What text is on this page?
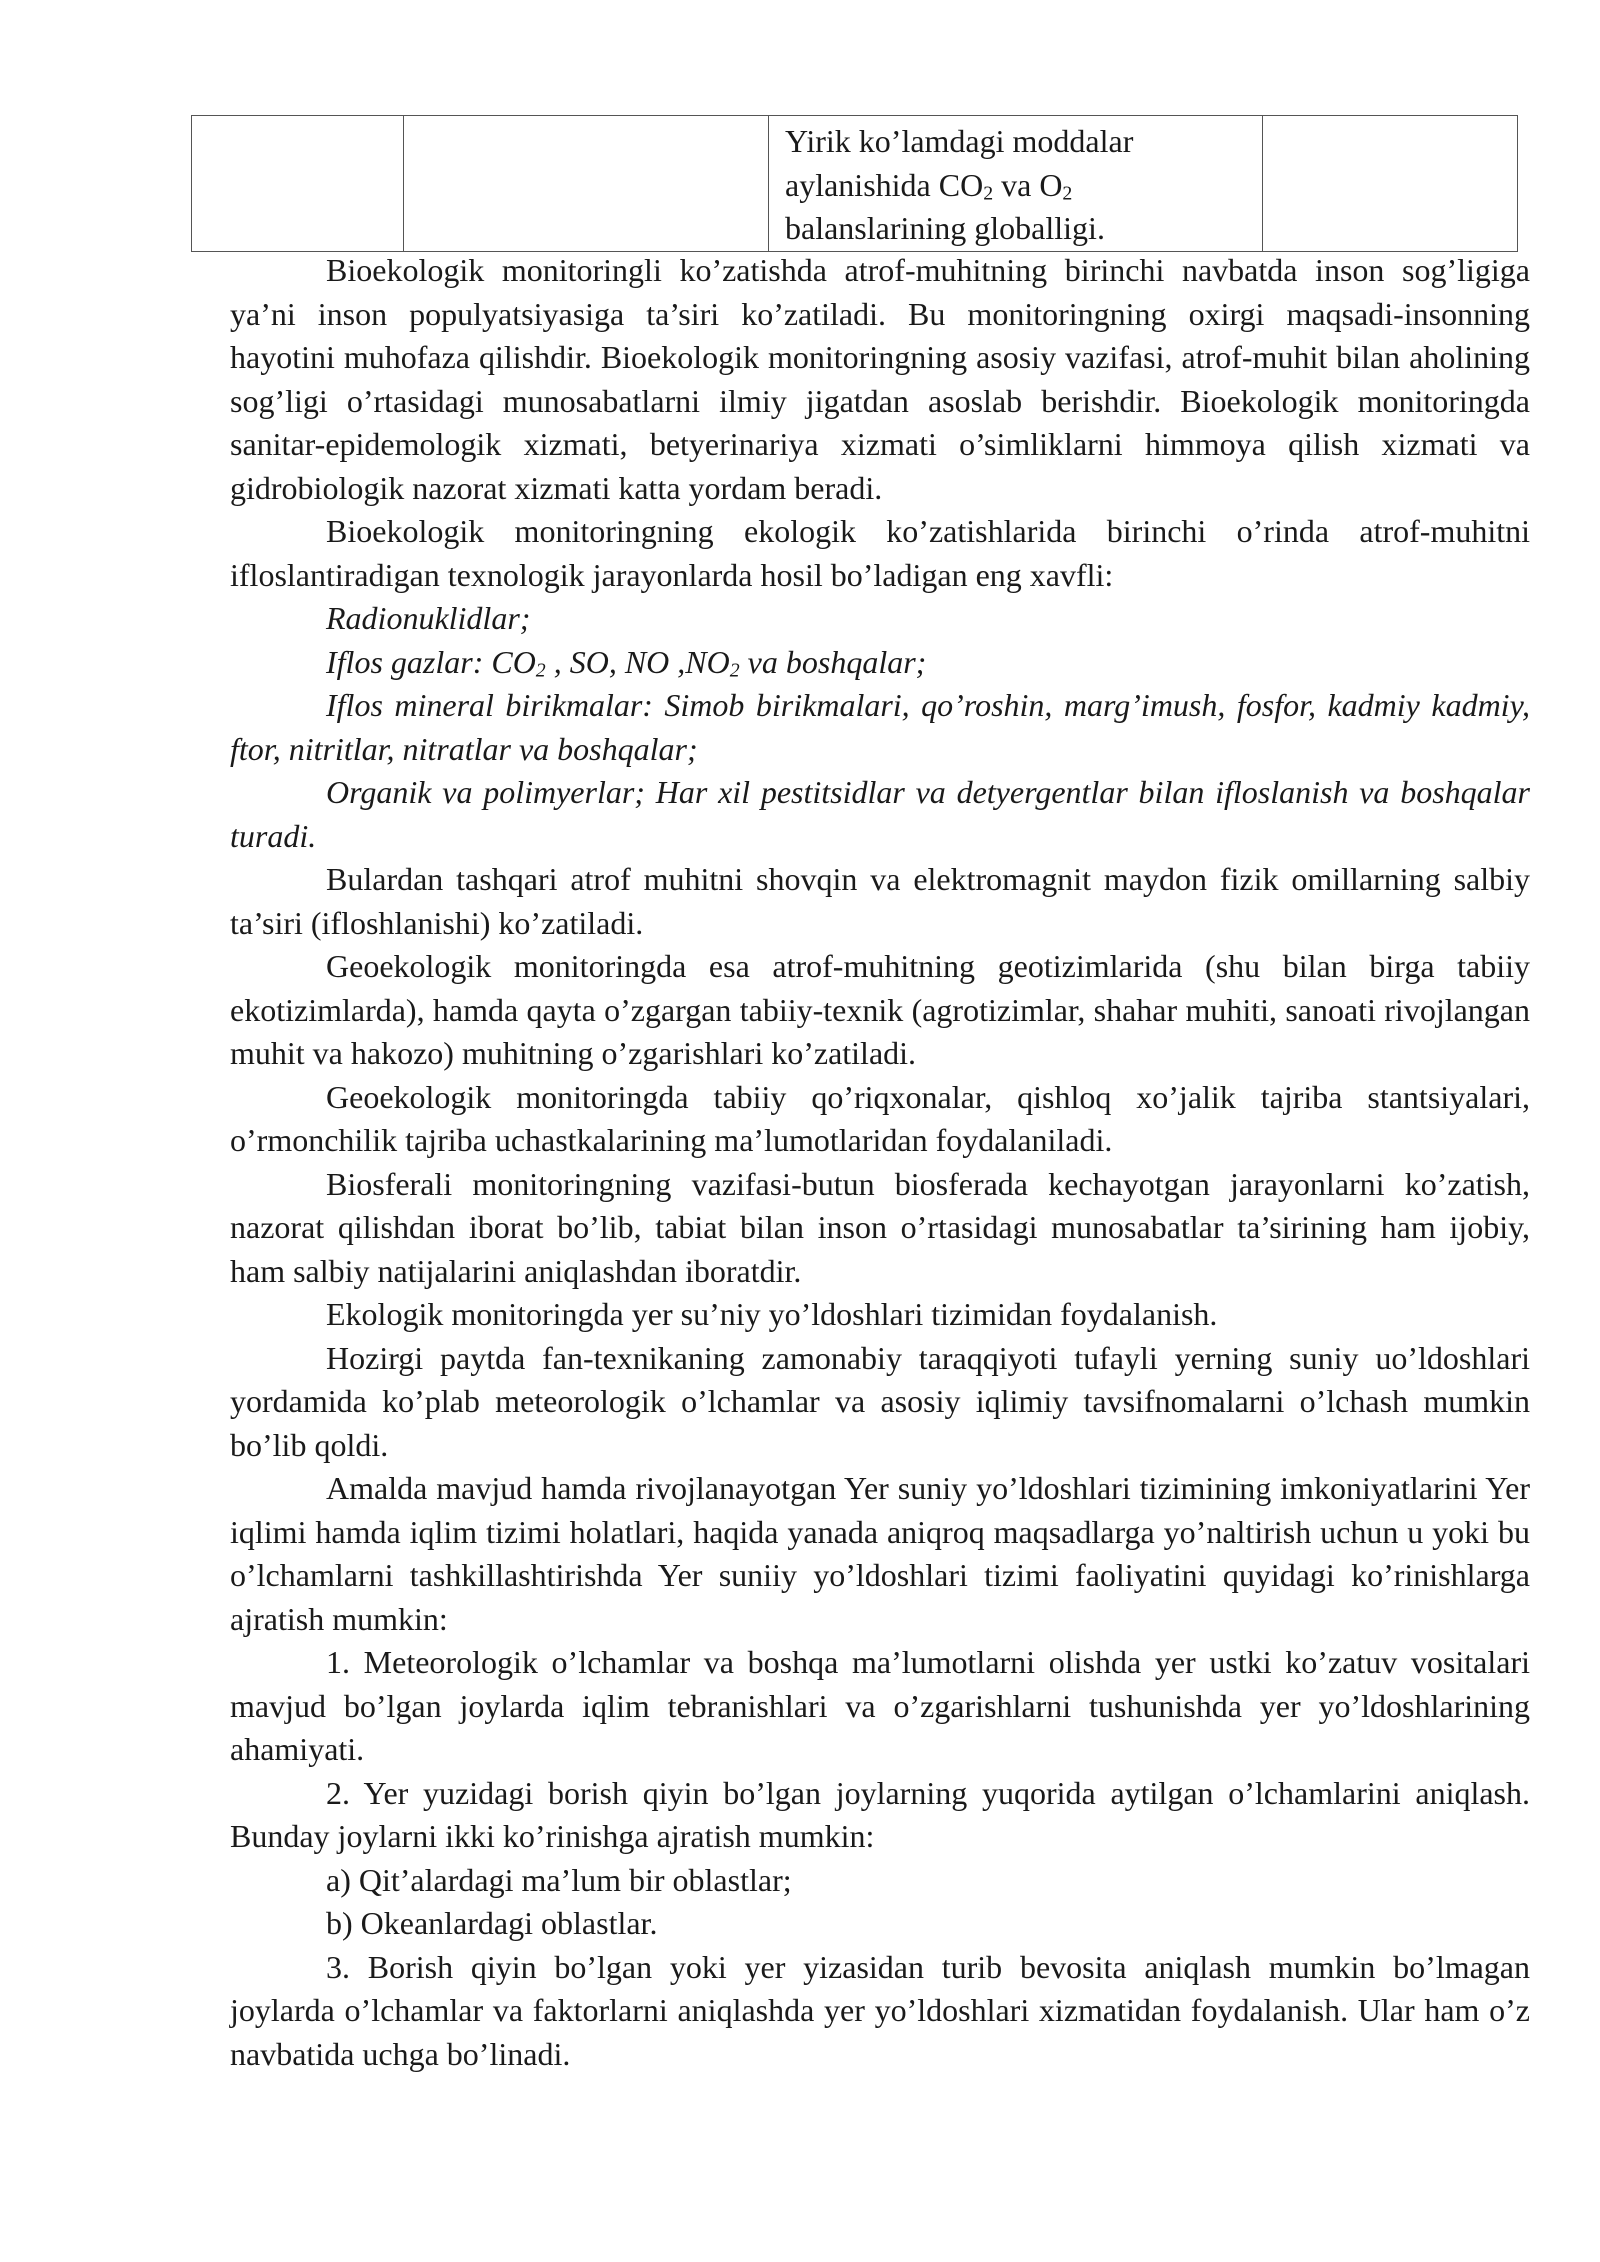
Yirik ko’lamdagi moddalar
aylanishida $CO_2$ va $O_2$
balanslarining globalligi.

Bioekologik monitoringli ko’zatishda atrof-muhitning birinchi navbatda inson sog’ligiga ya’ni inson populyatsiyasiga ta’siri ko’zatiladi. Bu monitoringning oxirgi maqsadi-insonning hayotini muhofaza qilishdir. Bioekologik monitoringning asosiy vazifasi, atrof-muhit bilan aholining sog’ligi o’rtasidagi munosabatlarni ilmiy jigatdan asoslab berishdir. Bioekologik monitoringda sanitar-epidemologik xizmati, betyerinariya xizmati o’simliklarni himmoya qilish xizmati va gidrobiologik nazorat xizmati katta yordam beradi.

Bioekologik monitoringning ekologik ko’zatishlarida birinchi o’rinda atrof-muhitni ifloslantiradigan texnologik jarayonlarda hosil bo’ladigan eng xavfli:

Radionuklidlar;

Iflos gazlar: $CO_2$ , SO, NO $,NO_2$ va boshqalar;

Iflos mineral birikmalar: Simob birikmalari, qo’roshin, marg’imush, fosfor, kadmiy kadmiy, ftor, nitritlar, nitratlar va boshqalar;

Organik va polimyerlar; Har xil pestitsidlar va detyergentlar bilan ifloslanish va boshqalar turadi.

Bulardan tashqari atrof muhitni shovqin va elektromagnit maydon fizik omillarning salbiy ta’siri (ifloshlanishi) ko’zatiladi.

Geoekologik monitoringda esa atrof-muhitning geotizimlarida (shu bilan birga tabiiy ekotizimlarda), hamda qayta o’zgargan tabiiy-texnik (agrotizimlar, shahar muhiti, sanoati rivojlangan muhit va hakozo) muhitning o’zgarishlari ko’zatiladi.

Geoekologik monitoringda tabiiy qo’riqxonalar, qishloq xo’jalik tajriba stantsiyalari, o’rmonchilik tajriba uchastkalarining ma’lumotlaridan foydalaniladi.

Biosferali monitoringning vazifasi-butun biosferada kechayotgan jarayonlarni ko’zatish, nazorat qilishdan iborat bo’lib, tabiat bilan inson o’rtasidagi munosabatlar ta’sirining ham ijobiy, ham salbiy natijalarini aniqlashdan iboratdir.

Ekologik monitoringda yer su’niy yo’ldoshlari tizimidan foydalanish.

Hozirgi paytda fan-texnikaning zamonabiy taraqqiyoti tufayli yerning suniy uo’ldoshlari yordamida ko’plab meteorologik o’lchamlar va asosiy iqlimiy tavsifnomalarni o’lchash mumkin bo’lib qoldi.

Amalda mavjud hamda rivojlanayotgan Yer suniy yo’ldoshlari tizimining imkoniyatlarini Yer iqlimi hamda iqlim tizimi holatlari, haqida yanada aniqroq maqsadlarga yo’naltirish uchun u yoki bu o’lchamlarni tashkillashtirishda Yer suniiy yo’ldoshlari tizimi faoliyatini quyidagi ko’rinishlarga ajratish mumkin:

1. Meteorologik o’lchamlar va boshqa ma’lumotlarni olishda yer ustki ko’zatuv vositalari mavjud bo’lgan joylarda iqlim tebranishlari va o’zgarishlarni tushunishda yer yo’ldoshlarining ahamiyati.

2. Yer yuzidagi borish qiyin bo’lgan joylarning yuqorida aytilgan o’lchamlarini aniqlash. Bunday joylarni ikki ko’rinishga ajratish mumkin:

a) Qit’alardagi ma’lum bir oblastlar;

b) Okeanlardagi oblastlar.

3. Borish qiyin bo’lgan yoki yer yizasidan turib bevosita aniqlash mumkin bo’lmagan joylarda o’lchamlar va faktorlarni aniqlashda yer yo’ldoshlari xizmatidan foydalanish. Ular ham o’z navbatida uchga bo’linadi.
